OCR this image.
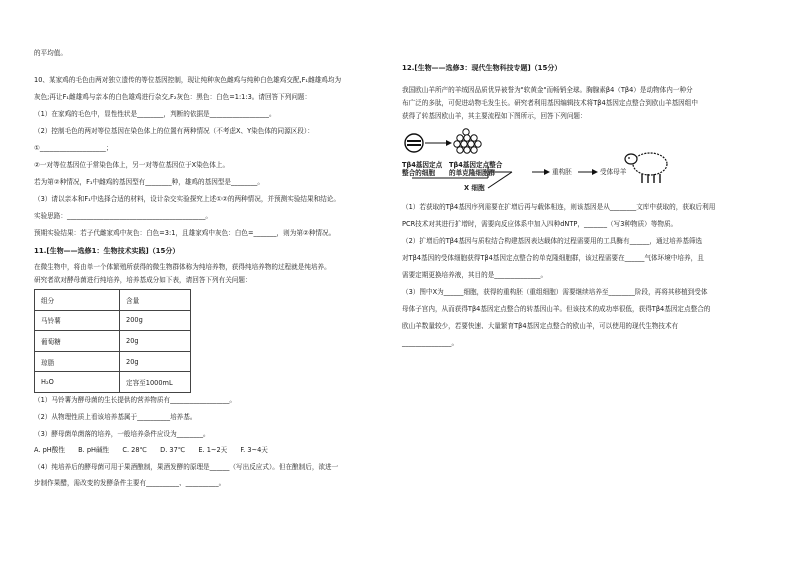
的平均值。
10、某家鸡的毛色由两对独立遗传的等位基因控制，现让纯种灰色雌鸡与纯种白色雄鸡交配,F₁雌雄鸡均为
灰色;再让F₁雌雄鸡与亲本的白色雄鸡进行杂交,F₂灰色：黑色：白色=1:1:3。请回答下列问题：
（1）在家鸡的毛色中，显性性状是________，判断的依据是__________________。
（2）控制毛色的两对等位基因在染色体上的位置有两种情况（不考虑X、Y染色体的同源区段）：
①____________________；
②一对等位基因位于常染色体上，另一对等位基因位于X染色体上。
若为第②种情况，F₁中雌鸡的基因型有________种，雄鸡的基因型是________。
（3）请以亲本和F₁中选择合适的材料，设计杂交实验探究上述①②的两种情况，并预测实验结果和结论。
实验思路：__________________________________________。
预期实验结果：若子代雌家鸡中灰色：白色=3:1，且雄家鸡中灰色：白色=_______，则为第②种情况。
11.[生物——选修1：生物技术实践]（15分）
在微生物中，将由单一个体繁殖所获得的微生物群体称为纯培养物，获得纯培养物的过程就是纯培养。
研究者欲对酵母菌进行纯培养，培养基成分如下表，请回答下列有关问题：
组分	含量
马铃薯	200g
葡萄糖	20g
琼脂	20g
H₂O	定容至1000mL
（1）马铃薯为酵母菌的生长提供的营养物质有__________________。
（2）从物理性质上看该培养基属于__________培养基。
（3）酵母菌单菌落的培养，一般培养条件应设为________。
A. pH酸性　　B. pH碱性　　C. 28℃　　D. 37℃　　E. 1~2天　　F. 3~4天
（4）纯培养后的酵母菌可用于果酒酿制，果酒发酵的原理是______（写出反应式）。但在酿制后，欲进一
步制作果醋，需改变的发酵条件主要有__________、__________。
12.[生物——选修3：现代生物科技专题]（15分）
我国欧山羊所产的羊绒因品质优异被誉为"软黄金"而畅销全球。胸腺素β4（Tβ4）是动物体内一种分
布广泛的多肽，可促进动物毛发生长。研究者利用基因编辑技术将Tβ4基因定点整合到欧山羊基因组中
获得了转基因欧山羊，其主要流程如下图所示，回答下列问题：
Tβ4基因定点
整合的细胞
Tβ4基因定点整合
的单克隆细胞群
X 细胞
重构胚	受体母羊
（1）若获取的Tβ4基因序列需要在扩增后再与载体相连，则该基因是从________文库中获取的，获取后利用
PCR技术对其进行扩增时，需要向反应体系中加入四种dNTP，_______（写3种物质）等物质。
（2）扩增后的Tβ4基因与质粒结合构建基因表达载体的过程需要用的工具酶有______，通过培养基筛选
对Tβ4基因的受体细胞获得Tβ4基因定点整合的单克隆细胞群，该过程需要在______气体环境中培养，且
需要定期更换培养液，其目的是______________。
（3）图中X为______细胞，获得的重构胚（重组细胞）需要继续培养至________阶段，再将其移植到受体
母体子宫内，从而获得Tβ4基因定点整合的转基因山羊。但该技术的成功率很低，获得Tβ4基因定点整合的
欧山羊数量较少，若要快速、大量繁育Tβ4基因定点整合的欧山羊，可以使用的现代生物技术有
_______________。
